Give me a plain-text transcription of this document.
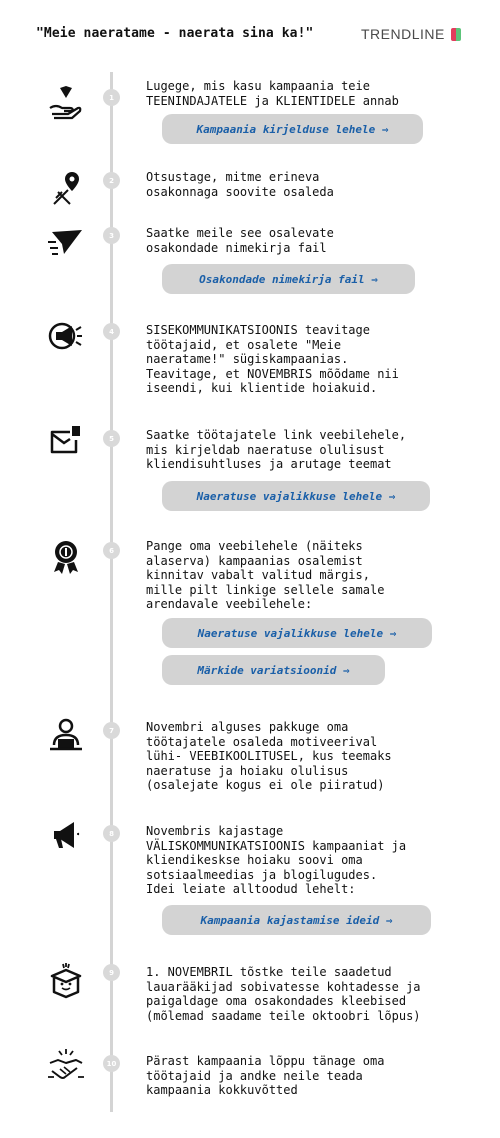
"Meie naeratame - naerata sina ka!"	TRENDLINE
1
Lugege, mis kasu kampaania teie
TEENINDAJATELE ja KLIENTIDELE annab
Kampaania kirjelduse lehele ⇒
2	Otsustage, mitme erineva
osakonnaga soovite osaleda
3	Saatke meile see osalevate
osakondade nimekirja fail
Osakondade nimekirja fail ⇒
4	SISEKOMMUNIKATSIOONIS teavitage
töötajaid, et osalete "Meie
naeratame!" sügiskampaanias.
Teavitage, et NOVEMBRIS mõõdame nii
iseendi, kui klientide hoiakuid.
5	Saatke töötajatele link veebilehele,
mis kirjeldab naeratuse olulisust
kliendisuhtluses ja arutage teemat
Naeratuse vajalikkuse lehele ⇒
6	Pange oma veebilehele (näiteks
alaserva) kampaanias osalemist
kinnitav vabalt valitud märgis,
mille pilt linkige sellele samale
arendavale veebilehele:
Naeratuse vajalikkuse lehele ⇒
Märkide variatsioonid ⇒
7	Novembri alguses pakkuge oma
töötajatele osaleda motiveerival
lühi- VEEBIKOOLITUSEL, kus teemaks
naeratuse ja hoiaku olulisus
(osalejate kogus ei ole piiratud)
8	Novembris kajastage
VÄLISKOMMUNIKATSIOONIS kampaaniat ja
kliendikeskse hoiaku soovi oma
sotsiaalmeedias ja blogilugudes.
Idei leiate alltoodud lehelt:
Kampaania kajastamise ideid ⇒
9	1. NOVEMBRIL tõstke teile saadetud
lauarääkijad sobivatesse kohtadesse ja
paigaldage oma osakondades kleebised
(mõlemad saadame teile oktoobri lõpus)
10	Pärast kampaania lõppu tänage oma
töötajaid ja andke neile teada
kampaania kokkuvõtted
